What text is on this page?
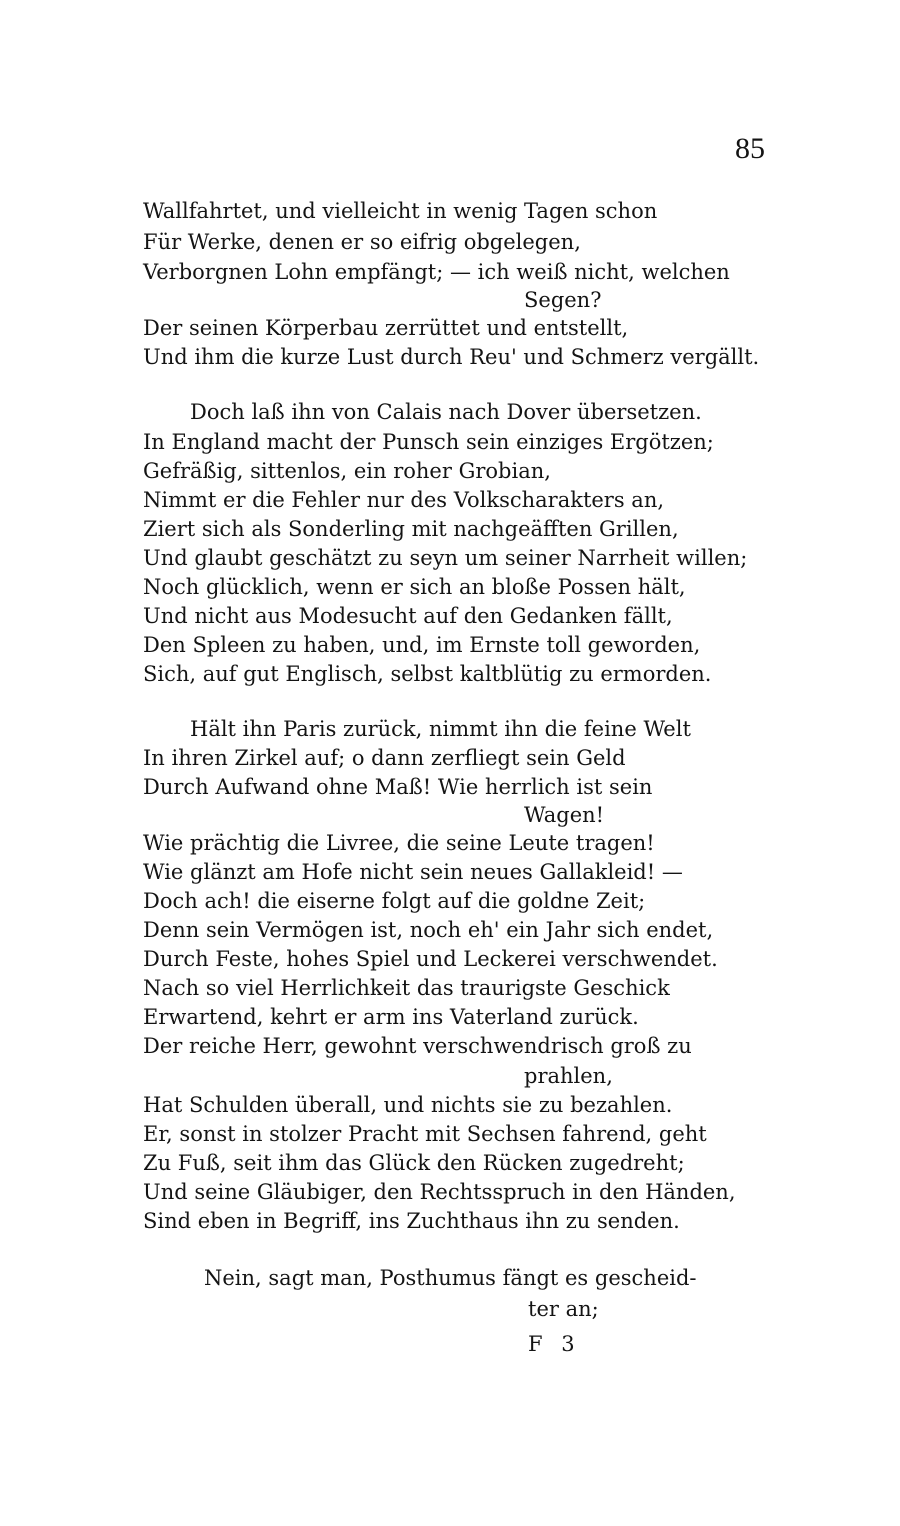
85
Wallfahrtet, und vielleicht in wenig Tagen schon
Für Werke, denen er so eifrig obgelegen,
Verborgnen Lohn empfängt; — ich weiß nicht, welchen
Segen?
Der seinen Körperbau zerrüttet und entstellt,
Und ihm die kurze Lust durch Reu' und Schmerz vergällt.
Doch laß ihn von Calais nach Dover übersetzen.
In England macht der Punsch sein einziges Ergötzen;
Gefräßig, sittenlos, ein roher Grobian,
Nimmt er die Fehler nur des Volkscharakters an,
Ziert sich als Sonderling mit nachgeäfften Grillen,
Und glaubt geschätzt zu seyn um seiner Narrheit willen;
Noch glücklich, wenn er sich an bloße Possen hält,
Und nicht aus Modesucht auf den Gedanken fällt,
Den Spleen zu haben, und, im Ernste toll geworden,
Sich, auf gut Englisch, selbst kaltblütig zu ermorden.
Hält ihn Paris zurück, nimmt ihn die feine Welt
In ihren Zirkel auf; o dann zerfliegt sein Geld
Durch Aufwand ohne Maß! Wie herrlich ist sein
Wagen!
Wie prächtig die Livree, die seine Leute tragen!
Wie glänzt am Hofe nicht sein neues Gallakleid! —
Doch ach! die eiserne folgt auf die goldne Zeit;
Denn sein Vermögen ist, noch eh' ein Jahr sich endet,
Durch Feste, hohes Spiel und Leckerei verschwendet.
Nach so viel Herrlichkeit das traurigste Geschick
Erwartend, kehrt er arm ins Vaterland zurück.
Der reiche Herr, gewohnt verschwendrisch groß zu
prahlen,
Hat Schulden überall, und nichts sie zu bezahlen.
Er, sonst in stolzer Pracht mit Sechsen fahrend, geht
Zu Fuß, seit ihm das Glück den Rücken zugedreht;
Und seine Gläubiger, den Rechtsspruch in den Händen,
Sind eben in Begriff, ins Zuchthaus ihn zu senden.
Nein, sagt man, Posthumus fängt es gescheid-
ter an;
F 3
